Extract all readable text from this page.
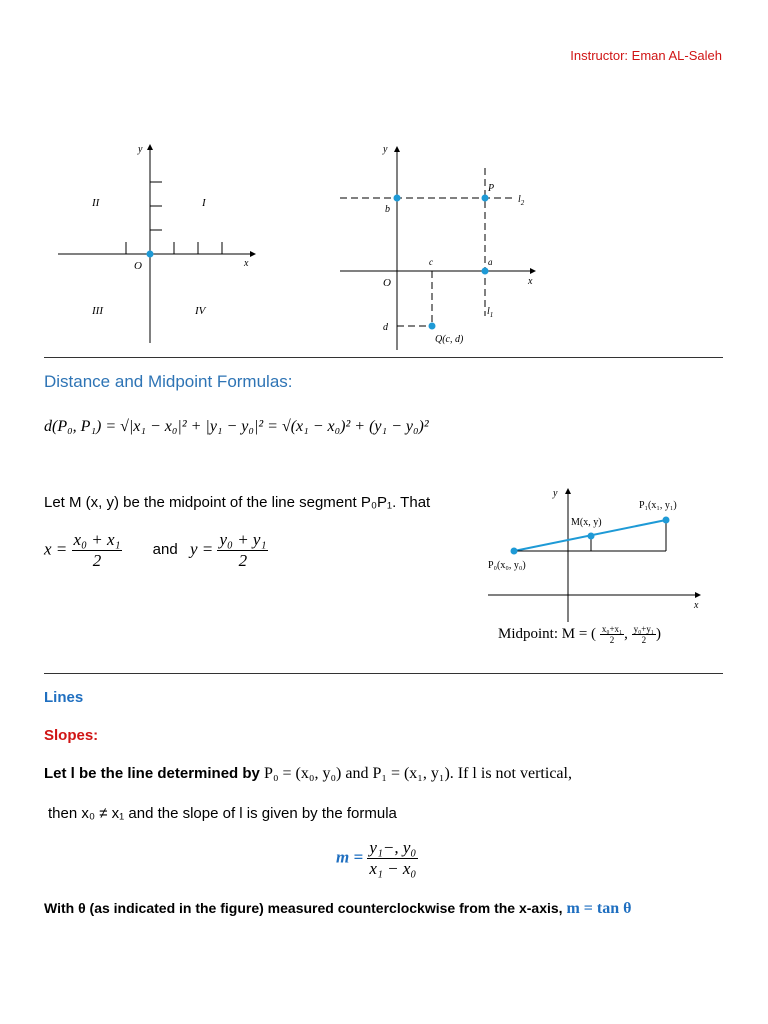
Instructor: Eman AL-Saleh
y
x
O
I
II
III	IV
y
x
O
b
d
c	a
P
Q(c, d)
$l_2$
$l_1$
Distance and Midpoint Formulas:
d(P₀, P₁) = √|x₁ − x₀|² + |y₁ − y₀|² = √(x₁ − x₀)² + (y₁ − y₀)²
Let M (x, y) be the midpoint of the line segment P₀P₁. That
$x = \frac{\text{x₀ + x₁}}{2}$ and $y = \frac{\text{y₀ + y₁}}{2}$
y
x
P₁(x₁, y₁)
M(x, y)
P₀(x₀, y₀)
Midpoint: M = ( $\frac{\text{x₀+x₁}}{2}$ , $\frac{\text{y₀+y₁}}{2}$ )
Lines
Slopes:
Let l be the line determined by P₀ = (x₀, y₀) and P₁ = (x₁, y₁). If l is not vertical,
then x₀ ≠ x₁ and the slope of l is given by the formula
$m = \frac{\text{y₁−, y₀}}{\text{x₁ − x₀}}$
With θ (as indicated in the figure) measured counterclockwise from the x-axis, m = tan θ
